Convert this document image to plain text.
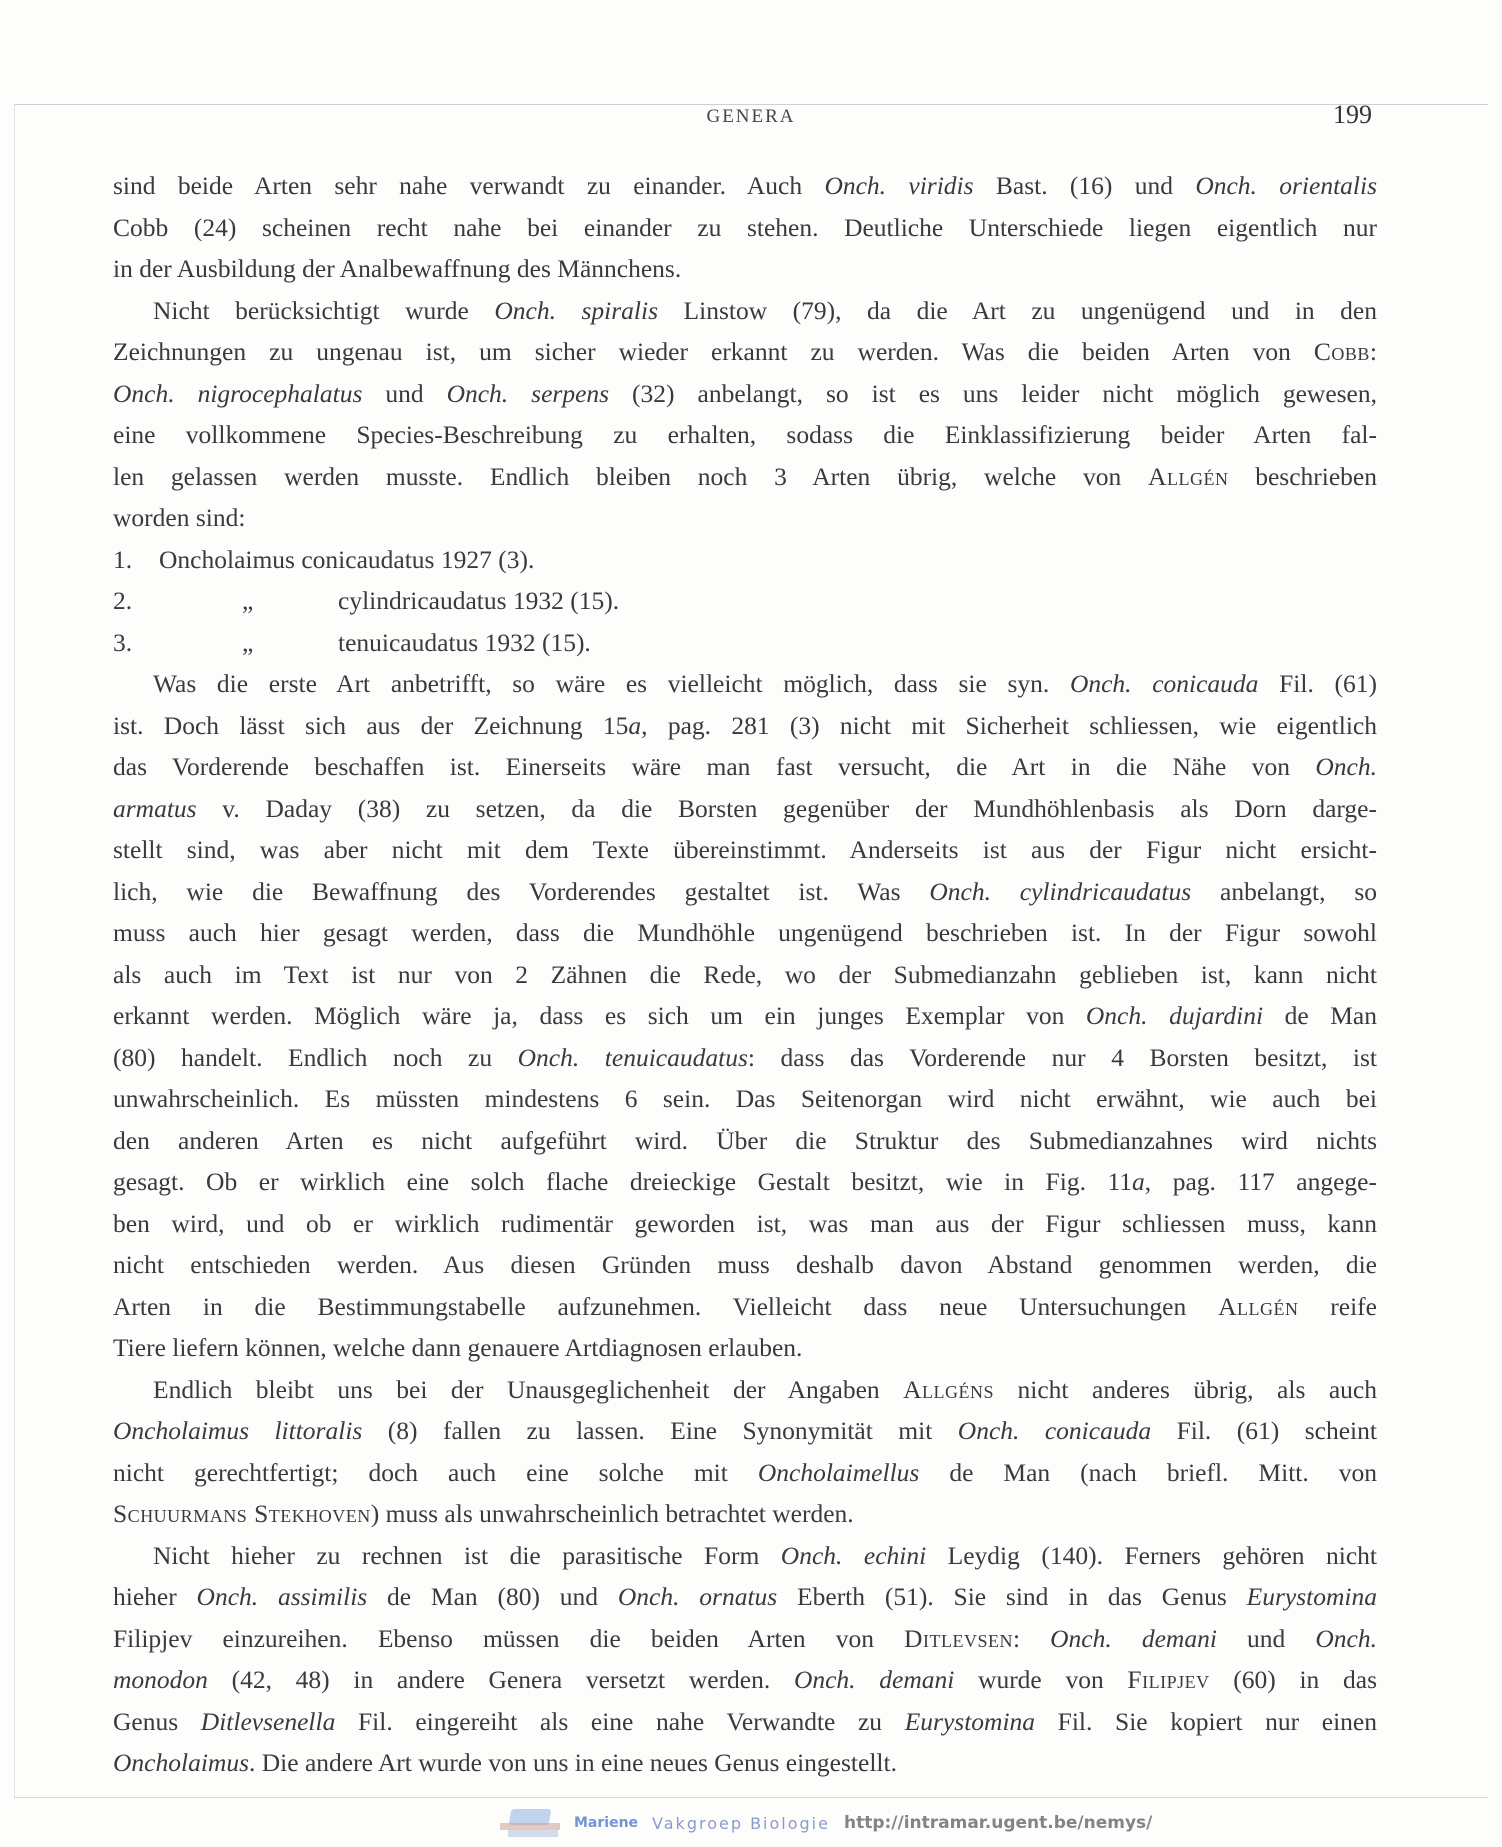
GENERA	199
sind beide Arten sehr nahe verwandt zu einander. Auch Onch. viridis Bast. (16) und Onch. orientalis
Cobb (24) scheinen recht nahe bei einander zu stehen. Deutliche Unterschiede liegen eigentlich nur
in der Ausbildung der Analbewaffnung des Männchens.
Nicht berücksichtigt wurde Onch. spiralis Linstow (79), da die Art zu ungenügend und in den
Zeichnungen zu ungenau ist, um sicher wieder erkannt zu werden. Was die beiden Arten von Cobb:
Onch. nigrocephalatus und Onch. serpens (32) anbelangt, so ist es uns leider nicht möglich gewesen,
eine vollkommene Species-Beschreibung zu erhalten, sodass die Einklassifizierung beider Arten fal-
len gelassen werden musste. Endlich bleiben noch 3 Arten übrig, welche von Allgén beschrieben
worden sind:
1. Oncholaimus conicaudatus 1927 (3).
2.	„	cylindricaudatus 1932 (15).
3.	„	tenuicaudatus 1932 (15).
Was die erste Art anbetrifft, so wäre es vielleicht möglich, dass sie syn. Onch. conicauda Fil. (61)
ist. Doch lässt sich aus der Zeichnung 15a, pag. 281 (3) nicht mit Sicherheit schliessen, wie eigentlich
das Vorderende beschaffen ist. Einerseits wäre man fast versucht, die Art in die Nähe von Onch.
armatus v. Daday (38) zu setzen, da die Borsten gegenüber der Mundhöhlenbasis als Dorn darge-
stellt sind, was aber nicht mit dem Texte übereinstimmt. Anderseits ist aus der Figur nicht ersicht-
lich, wie die Bewaffnung des Vorderendes gestaltet ist. Was Onch. cylindricaudatus anbelangt, so
muss auch hier gesagt werden, dass die Mundhöhle ungenügend beschrieben ist. In der Figur sowohl
als auch im Text ist nur von 2 Zähnen die Rede, wo der Submedianzahn geblieben ist, kann nicht
erkannt werden. Möglich wäre ja, dass es sich um ein junges Exemplar von Onch. dujardini de Man
(80) handelt. Endlich noch zu Onch. tenuicaudatus: dass das Vorderende nur 4 Borsten besitzt, ist
unwahrscheinlich. Es müssten mindestens 6 sein. Das Seitenorgan wird nicht erwähnt, wie auch bei
den anderen Arten es nicht aufgeführt wird. Über die Struktur des Submedianzahnes wird nichts
gesagt. Ob er wirklich eine solch flache dreieckige Gestalt besitzt, wie in Fig. 11a, pag. 117 angege-
ben wird, und ob er wirklich rudimentär geworden ist, was man aus der Figur schliessen muss, kann
nicht entschieden werden. Aus diesen Gründen muss deshalb davon Abstand genommen werden, die
Arten in die Bestimmungstabelle aufzunehmen. Vielleicht dass neue Untersuchungen Allgén reife
Tiere liefern können, welche dann genauere Artdiagnosen erlauben.
Endlich bleibt uns bei der Unausgeglichenheit der Angaben Allgéns nicht anderes übrig, als auch
Oncholaimus littoralis (8) fallen zu lassen. Eine Synonymität mit Onch. conicauda Fil. (61) scheint
nicht gerechtfertigt; doch auch eine solche mit Oncholaimellus de Man (nach briefl. Mitt. von
Schuurmans Stekhoven) muss als unwahrscheinlich betrachtet werden.
Nicht hieher zu rechnen ist die parasitische Form Onch. echini Leydig (140). Ferners gehören nicht
hieher Onch. assimilis de Man (80) und Onch. ornatus Eberth (51). Sie sind in das Genus Eurystomina
Filipjev einzureihen. Ebenso müssen die beiden Arten von Ditlevsen: Onch. demani und Onch.
monodon (42, 48) in andere Genera versetzt werden. Onch. demani wurde von Filipjev (60) in das
Genus Ditlevsenella Fil. eingereiht als eine nahe Verwandte zu Eurystomina Fil. Sie kopiert nur einen
Oncholaimus. Die andere Art wurde von uns in eine neues Genus eingestellt.
Mariene Vakgroep Biologie http://intramar.ugent.be/nemys/
